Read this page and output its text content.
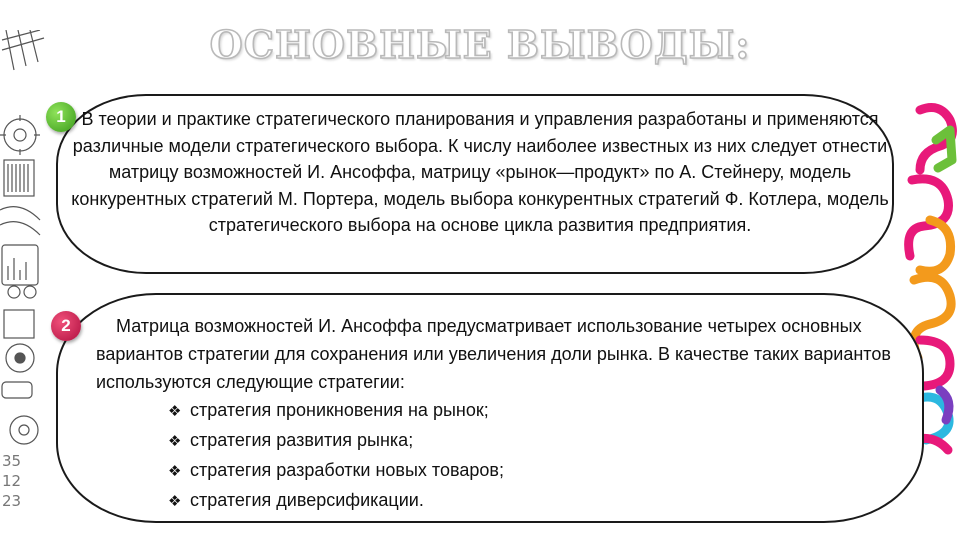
35
12
23
ОСНОВНЫЕ ВЫВОДЫ:
1 В теории и практике стратегического планирования и управления разработаны и применяются различные модели стратегического выбора. К числу наиболее известных из них следует отнести матрицу возможностей И. Ансоффа, матрицу «рынок—продукт» по А. Стейнеру, модель конкурентных стратегий М. Портера, модель выбора конкурентных стратегий Ф. Котлера, модель стратегического выбора на основе цикла развития предприятия.
2	Матрица возможностей И. Ансоффа предусматривает использование четырех основных вариантов стратегии для сохранения или увеличения доли рынка. В качестве таких вариантов используются следующие стратегии:
❖ стратегия проникновения на рынок;
❖ стратегия развития рынка;
❖ стратегия разработки новых товаров;
❖ стратегия диверсификации.
